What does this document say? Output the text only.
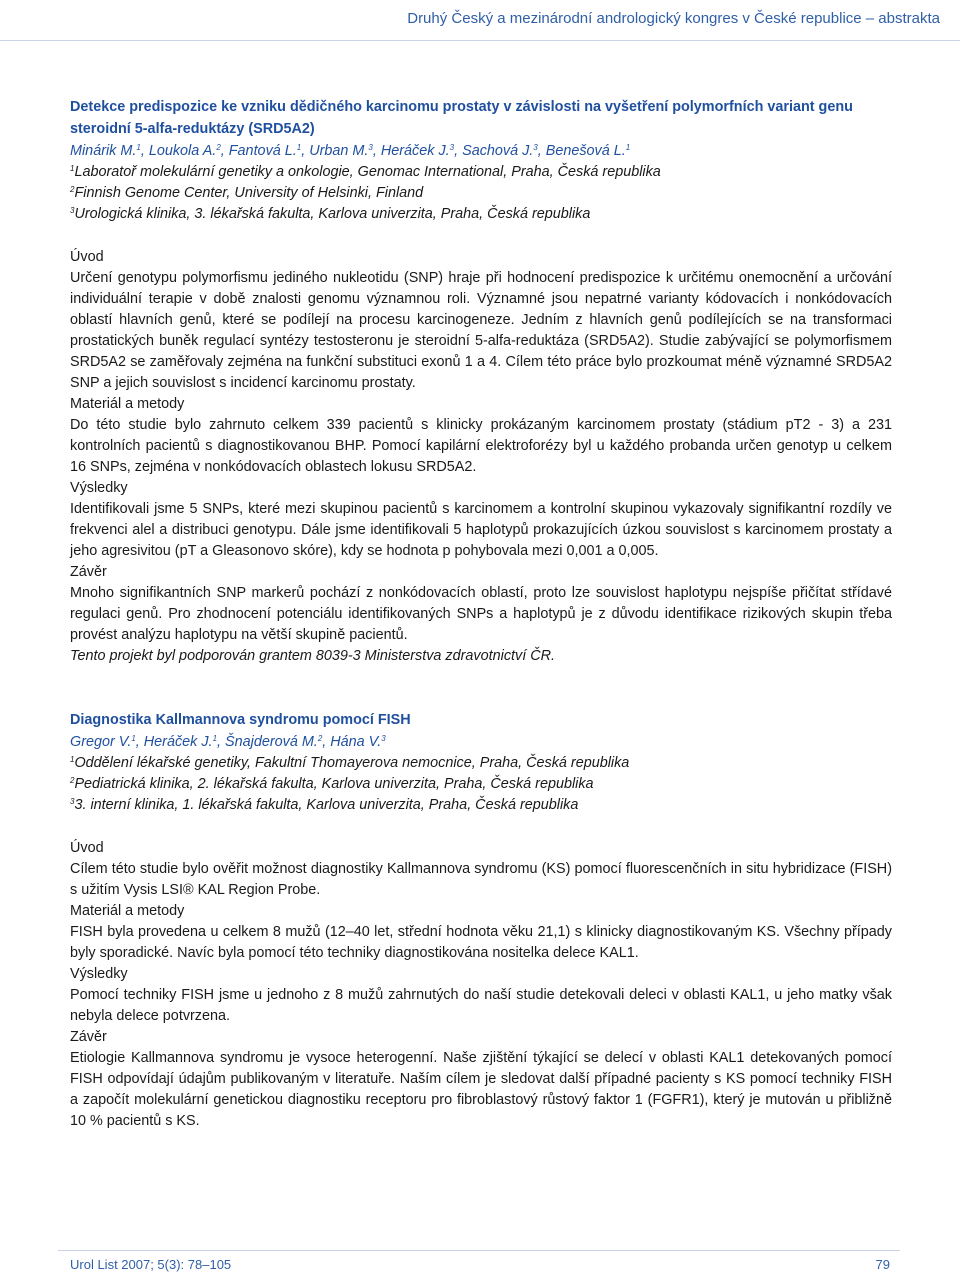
Druhý Český a mezinárodní andrologický kongres v České republice – abstrakta

Detekce predispozice ke vzniku dědičného karcinomu prostaty v závislosti na vyšetření polymorfních variant genu steroidní 5-alfa-reduktázy (SRD5A2)

Minárik M.$^1$, Loukola A.$^2$, Fantová L.$^1$, Urban M.$^3$, Heráček J.$^3$, Sachová J.$^3$, Benešová L.$^1$

$^1$Laboratoř molekulární genetiky a onkologie, Genomac International, Praha, Česká republika

$^2$Finnish Genome Center, University of Helsinki, Finland

$^3$Urologická klinika, 3. lékařská fakulta, Karlova univerzita, Praha, Česká republika

Úvod

Určení genotypu polymorfismu jediného nukleotidu (SNP) hraje při hodnocení predispozice k určitému onemocnění a určování individuální terapie v době znalosti genomu významnou roli. Významné jsou nepatrné varianty kódovacích i nonkódovacích oblastí hlavních genů, které se podílejí na procesu karcinogeneze. Jedním z hlavních genů podílejících se na transformaci prostatických buněk regulací syntézy testosteronu je steroidní 5-alfa-reduktáza (SRD5A2). Studie zabývající se polymorfismem SRD5A2 se zaměřovaly zejména na funkční substituci exonů 1 a 4. Cílem této práce bylo prozkoumat méně významné SRD5A2 SNP a jejich souvislost s incidencí karcinomu prostaty.

Materiál a metody

Do této studie bylo zahrnuto celkem 339 pacientů s klinicky prokázaným karcinomem prostaty (stádium pT2 - 3) a 231 kontrolních pacientů s diagnostikovanou BHP. Pomocí kapilární elektroforézy byl u každého probanda určen genotyp u celkem 16 SNPs, zejména v nonkódovacích oblastech lokusu SRD5A2.

Výsledky

Identifikovali jsme 5 SNPs, které mezi skupinou pacientů s karcinomem a kontrolní skupinou vykazovaly signifikantní rozdíly ve frekvenci alel a distribuci genotypu. Dále jsme identifikovali 5 haplotypů prokazujících úzkou souvislost s karcinomem prostaty a jeho agresivitou (pT a Gleasonovo skóre), kdy se hodnota p pohybovala mezi 0,001 a 0,005.

Závěr

Mnoho signifikantních SNP markerů pochází z nonkódovacích oblastí, proto lze souvislost haplotypu nejspíše přičítat střídavé regulaci genů. Pro zhodnocení potenciálu identifikovaných SNPs a haplotypů je z důvodu identifikace rizikových skupin třeba provést analýzu haplotypu na větší skupině pacientů.

Tento projekt byl podporován grantem 8039-3 Ministerstva zdravotnictví ČR.

Diagnostika Kallmannova syndromu pomocí FISH

Gregor V.$^1$, Heráček J.$^1$, Šnajderová M.$^2$, Hána V.$^3$

$^1$Oddělení lékařské genetiky, Fakultní Thomayerova nemocnice, Praha, Česká republika

$^2$Pediatrická klinika, 2. lékařská fakulta, Karlova univerzita, Praha, Česká republika

$^3$3. interní klinika, 1. lékařská fakulta, Karlova univerzita, Praha, Česká republika

Úvod

Cílem této studie bylo ověřit možnost diagnostiky Kallmannova syndromu (KS) pomocí fluorescenčních in situ hybridizace (FISH) s užitím Vysis LSI® KAL Region Probe.

Materiál a metody

FISH byla provedena u celkem 8 mužů (12–40 let, střední hodnota věku 21,1) s klinicky diagnostikovaným KS. Všechny případy byly sporadické. Navíc byla pomocí této techniky diagnostikována nositelka delece KAL1.

Výsledky

Pomocí techniky FISH jsme u jednoho z 8 mužů zahrnutých do naší studie detekovali deleci v oblasti KAL1, u jeho matky však nebyla delece potvrzena.

Závěr

Etiologie Kallmannova syndromu je vysoce heterogenní. Naše zjištění týkající se delecí v oblasti KAL1 detekovaných pomocí FISH odpovídají údajům publikovaným v literatuře. Naším cílem je sledovat další případné pacienty s KS pomocí techniky FISH a započít molekulární genetickou diagnostiku receptoru pro fibroblastový růstový faktor 1 (FGFR1), který je mutován u přibližně 10 % pacientů s KS.

Urol List 2007; 5(3): 78–105	79
